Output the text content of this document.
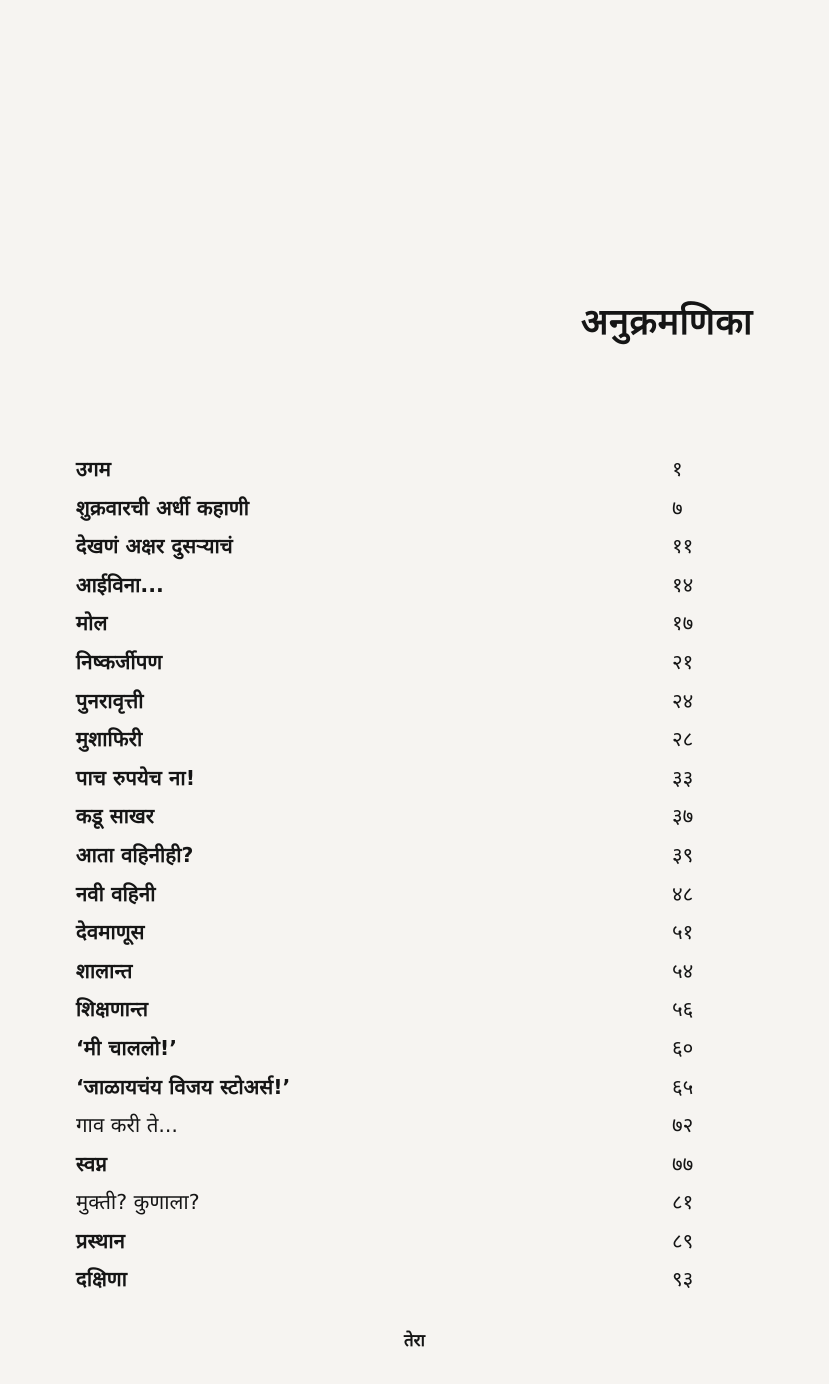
अनुक्रमणिका
उगम	१
शुक्रवारची अर्धी कहाणी	७
देखणं अक्षर दुसऱ्याचं	११
आईविना...	१४
मोल	१७
निष्कर्जीपण	२१
पुनरावृत्ती	२४
मुशाफिरी	२८
पाच रुपयेच ना!	३३
कडू साखर	३७
आता वहिनीही?	३९
नवी वहिनी	४८
देवमाणूस	५१
शालान्त	५४
शिक्षणान्त	५६
‘मी चाललो!’	६०
‘जाळायचंय विजय स्टोअर्स!’	६५
गाव करी ते...	७२
स्वप्न	७७
मुक्ती? कुणाला?	८१
प्रस्थान	८९
दक्षिणा	९३
तेरा
